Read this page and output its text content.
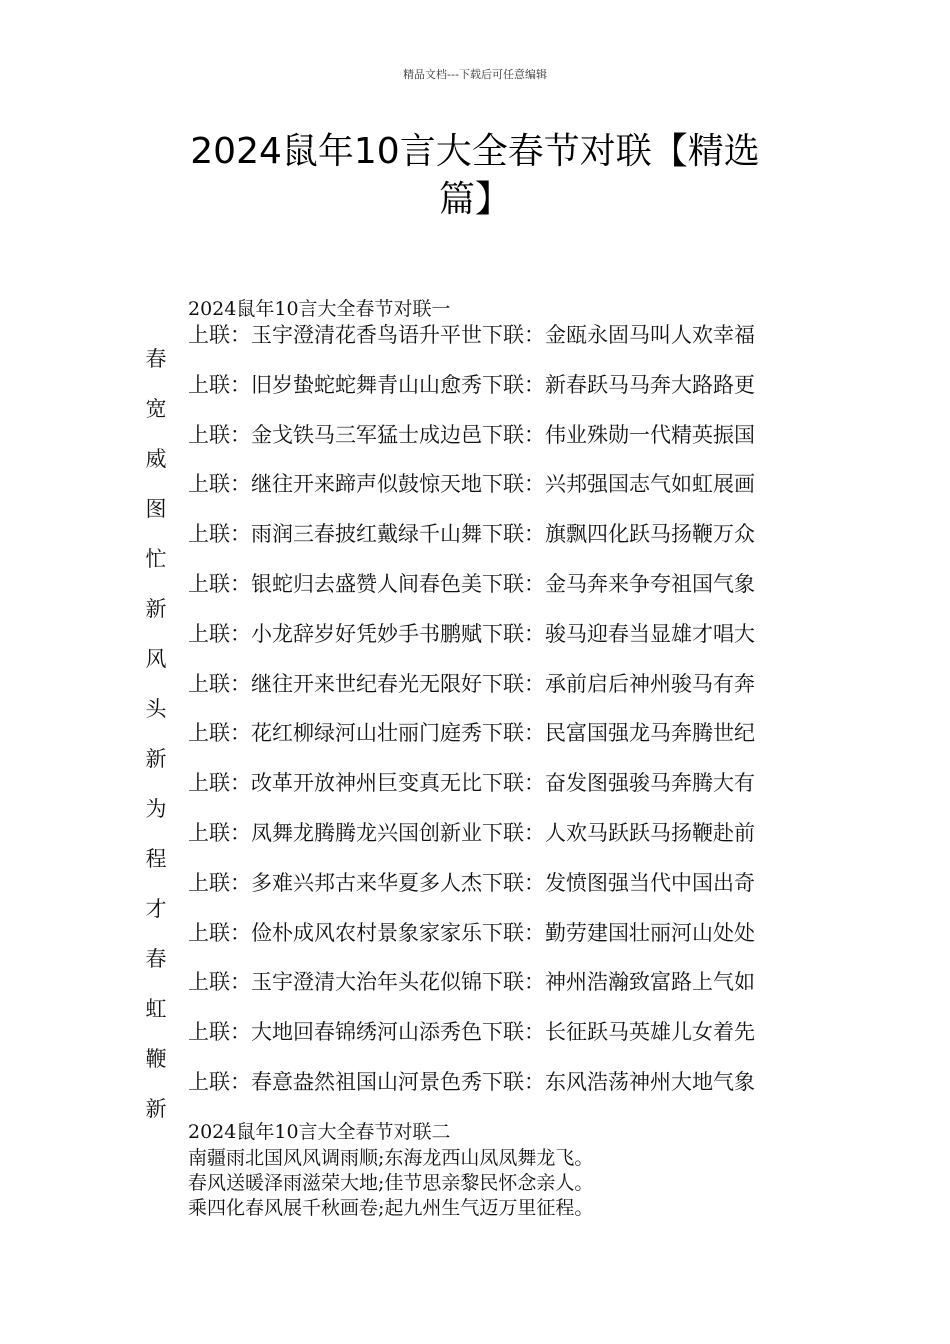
精品文档---下载后可任意编辑
2024鼠年10言大全春节对联【精选
篇】
2024鼠年10言大全春节对联一
春
宽
威
图
忙
新
风
头
新
为
程
才
春
虹
鞭
新
上联：玉宇澄清花香鸟语升平世下联：金瓯永固马叫人欢幸福
上联：旧岁蛰蛇蛇舞青山山愈秀下联：新春跃马马奔大路路更
上联：金戈铁马三军猛士成边邑下联：伟业殊勋一代精英振国
上联：继往开来蹄声似鼓惊天地下联：兴邦强国志气如虹展画
上联：雨润三春披红戴绿千山舞下联：旗飘四化跃马扬鞭万众
上联：银蛇归去盛赞人间春色美下联：金马奔来争夸祖国气象
上联：小龙辞岁好凭妙手书鹏赋下联：骏马迎春当显雄才唱大
上联：继往开来世纪春光无限好下联：承前启后神州骏马有奔
上联：花红柳绿河山壮丽门庭秀下联：民富国强龙马奔腾世纪
上联：改革开放神州巨变真无比下联：奋发图强骏马奔腾大有
上联：凤舞龙腾腾龙兴国创新业下联：人欢马跃跃马扬鞭赴前
上联：多难兴邦古来华夏多人杰下联：发愤图强当代中国出奇
上联：俭朴成风农村景象家家乐下联：勤劳建国壮丽河山处处
上联：玉宇澄清大治年头花似锦下联：神州浩瀚致富路上气如
上联：大地回春锦绣河山添秀色下联：长征跃马英雄儿女着先
上联：春意盎然祖国山河景色秀下联：东风浩荡神州大地气象
2024鼠年10言大全春节对联二
南疆雨北国风风调雨顺;东海龙西山凤凤舞龙飞。
春风送暖泽雨滋荣大地;佳节思亲黎民怀念亲人。
乘四化春风展千秋画卷;起九州生气迈万里征程。
